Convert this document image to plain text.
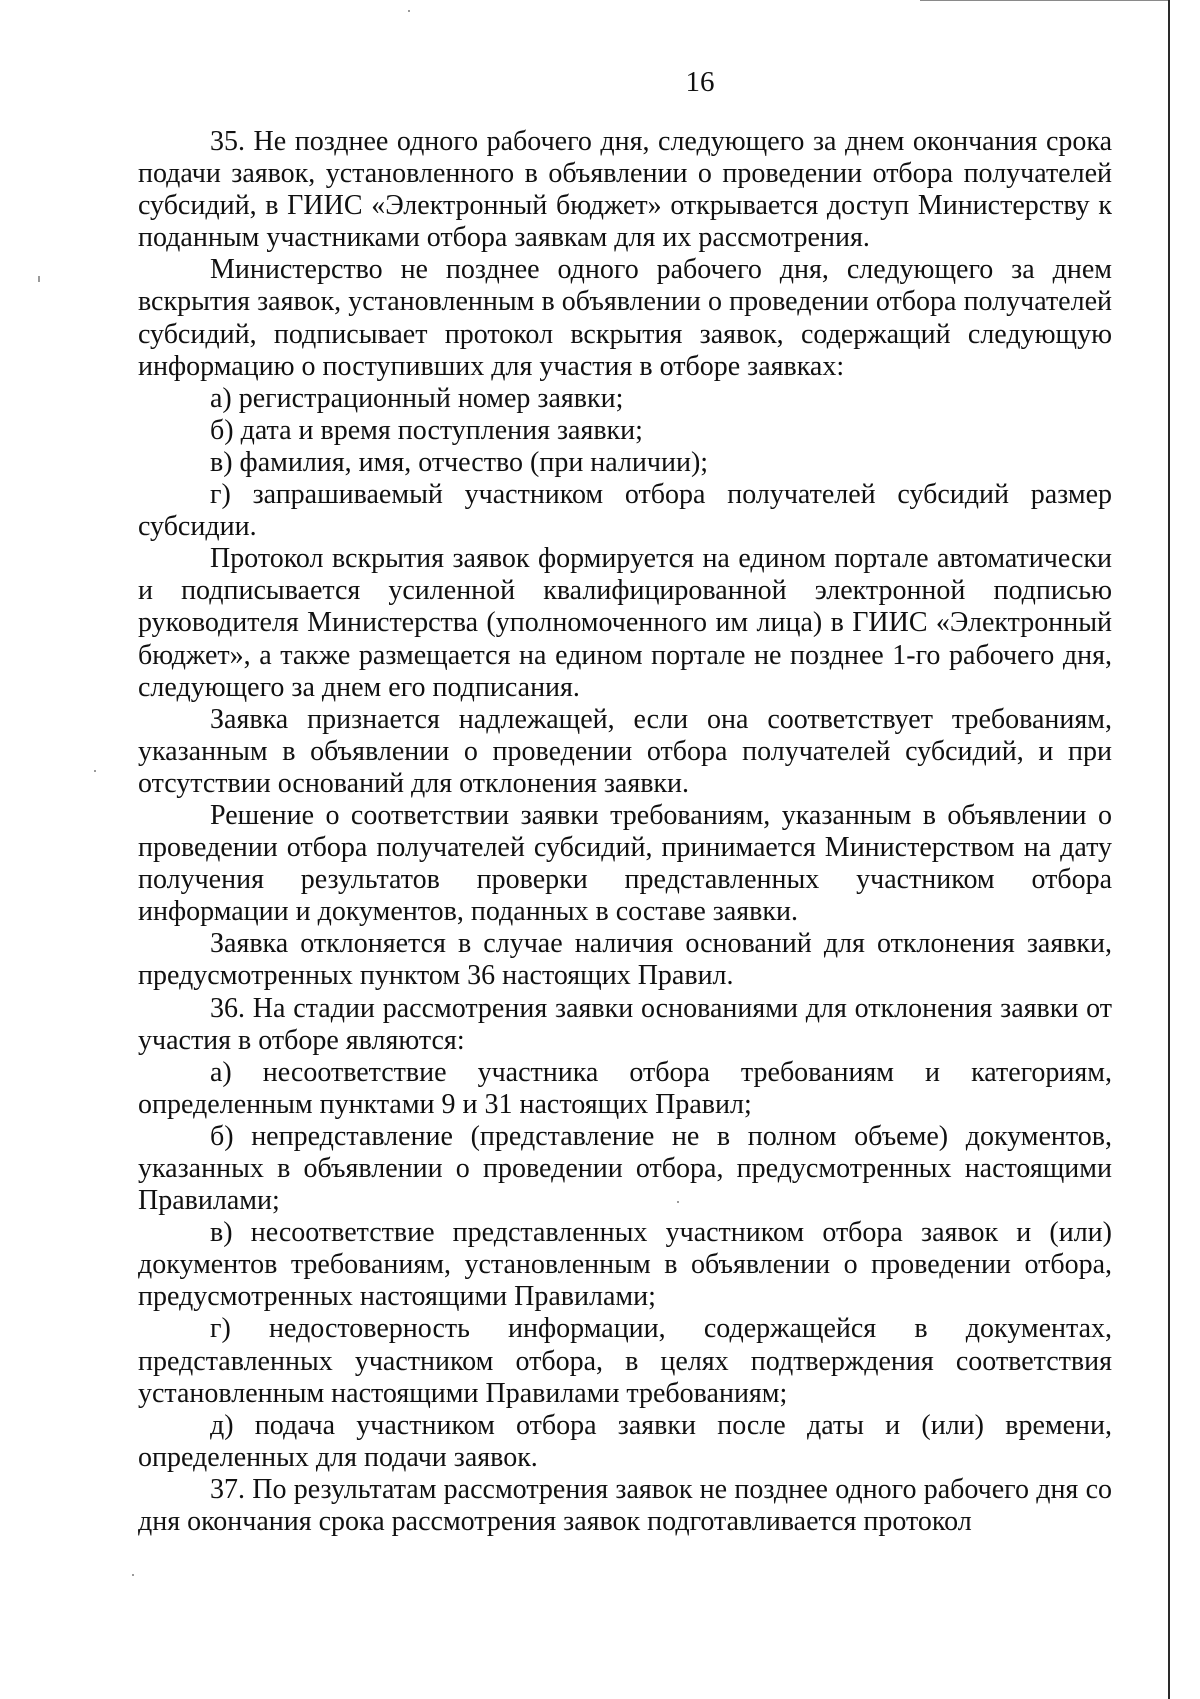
16

35. Не позднее одного рабочего дня, следующего за днем окончания срока подачи заявок, установленного в объявлении о проведении отбора получателей субсидий, в ГИИС «Электронный бюджет» открывается доступ Министерству к поданным участниками отбора заявкам для их рассмотрения.

Министерство не позднее одного рабочего дня, следующего за днем вскрытия заявок, установленным в объявлении о проведении отбора получателей субсидий, подписывает протокол вскрытия заявок, содержащий следующую информацию о поступивших для участия в отборе заявках:

а) регистрационный номер заявки;

б) дата и время поступления заявки;

в) фамилия, имя, отчество (при наличии);

г) запрашиваемый участником отбора получателей субсидий размер субсидии.

Протокол вскрытия заявок формируется на едином портале автоматически и подписывается усиленной квалифицированной электронной подписью руководителя Министерства (уполномоченного им лица) в ГИИС «Электронный бюджет», а также размещается на едином портале не позднее 1-го рабочего дня, следующего за днем его подписания.

Заявка признается надлежащей, если она соответствует требованиям, указанным в объявлении о проведении отбора получателей субсидий, и при отсутствии оснований для отклонения заявки.

Решение о соответствии заявки требованиям, указанным в объявлении о проведении отбора получателей субсидий, принимается Министерством на дату получения результатов проверки представленных участником отбора информации и документов, поданных в составе заявки.

Заявка отклоняется в случае наличия оснований для отклонения заявки, предусмотренных пунктом 36 настоящих Правил.

36. На стадии рассмотрения заявки основаниями для отклонения заявки от участия в отборе являются:

а) несоответствие участника отбора требованиям и категориям, определенным пунктами 9 и 31 настоящих Правил;

б) непредставление (представление не в полном объеме) документов, указанных в объявлении о проведении отбора, предусмотренных настоящими Правилами;

в) несоответствие представленных участником отбора заявок и (или) документов требованиям, установленным в объявлении о проведении отбора, предусмотренных настоящими Правилами;

г) недостоверность информации, содержащейся в документах, представленных участником отбора, в целях подтверждения соответствия установленным настоящими Правилами требованиям;

д) подача участником отбора заявки после даты и (или) времени, определенных для подачи заявок.

37. По результатам рассмотрения заявок не позднее одного рабочего дня со дня окончания срока рассмотрения заявок подготавливается протокол
